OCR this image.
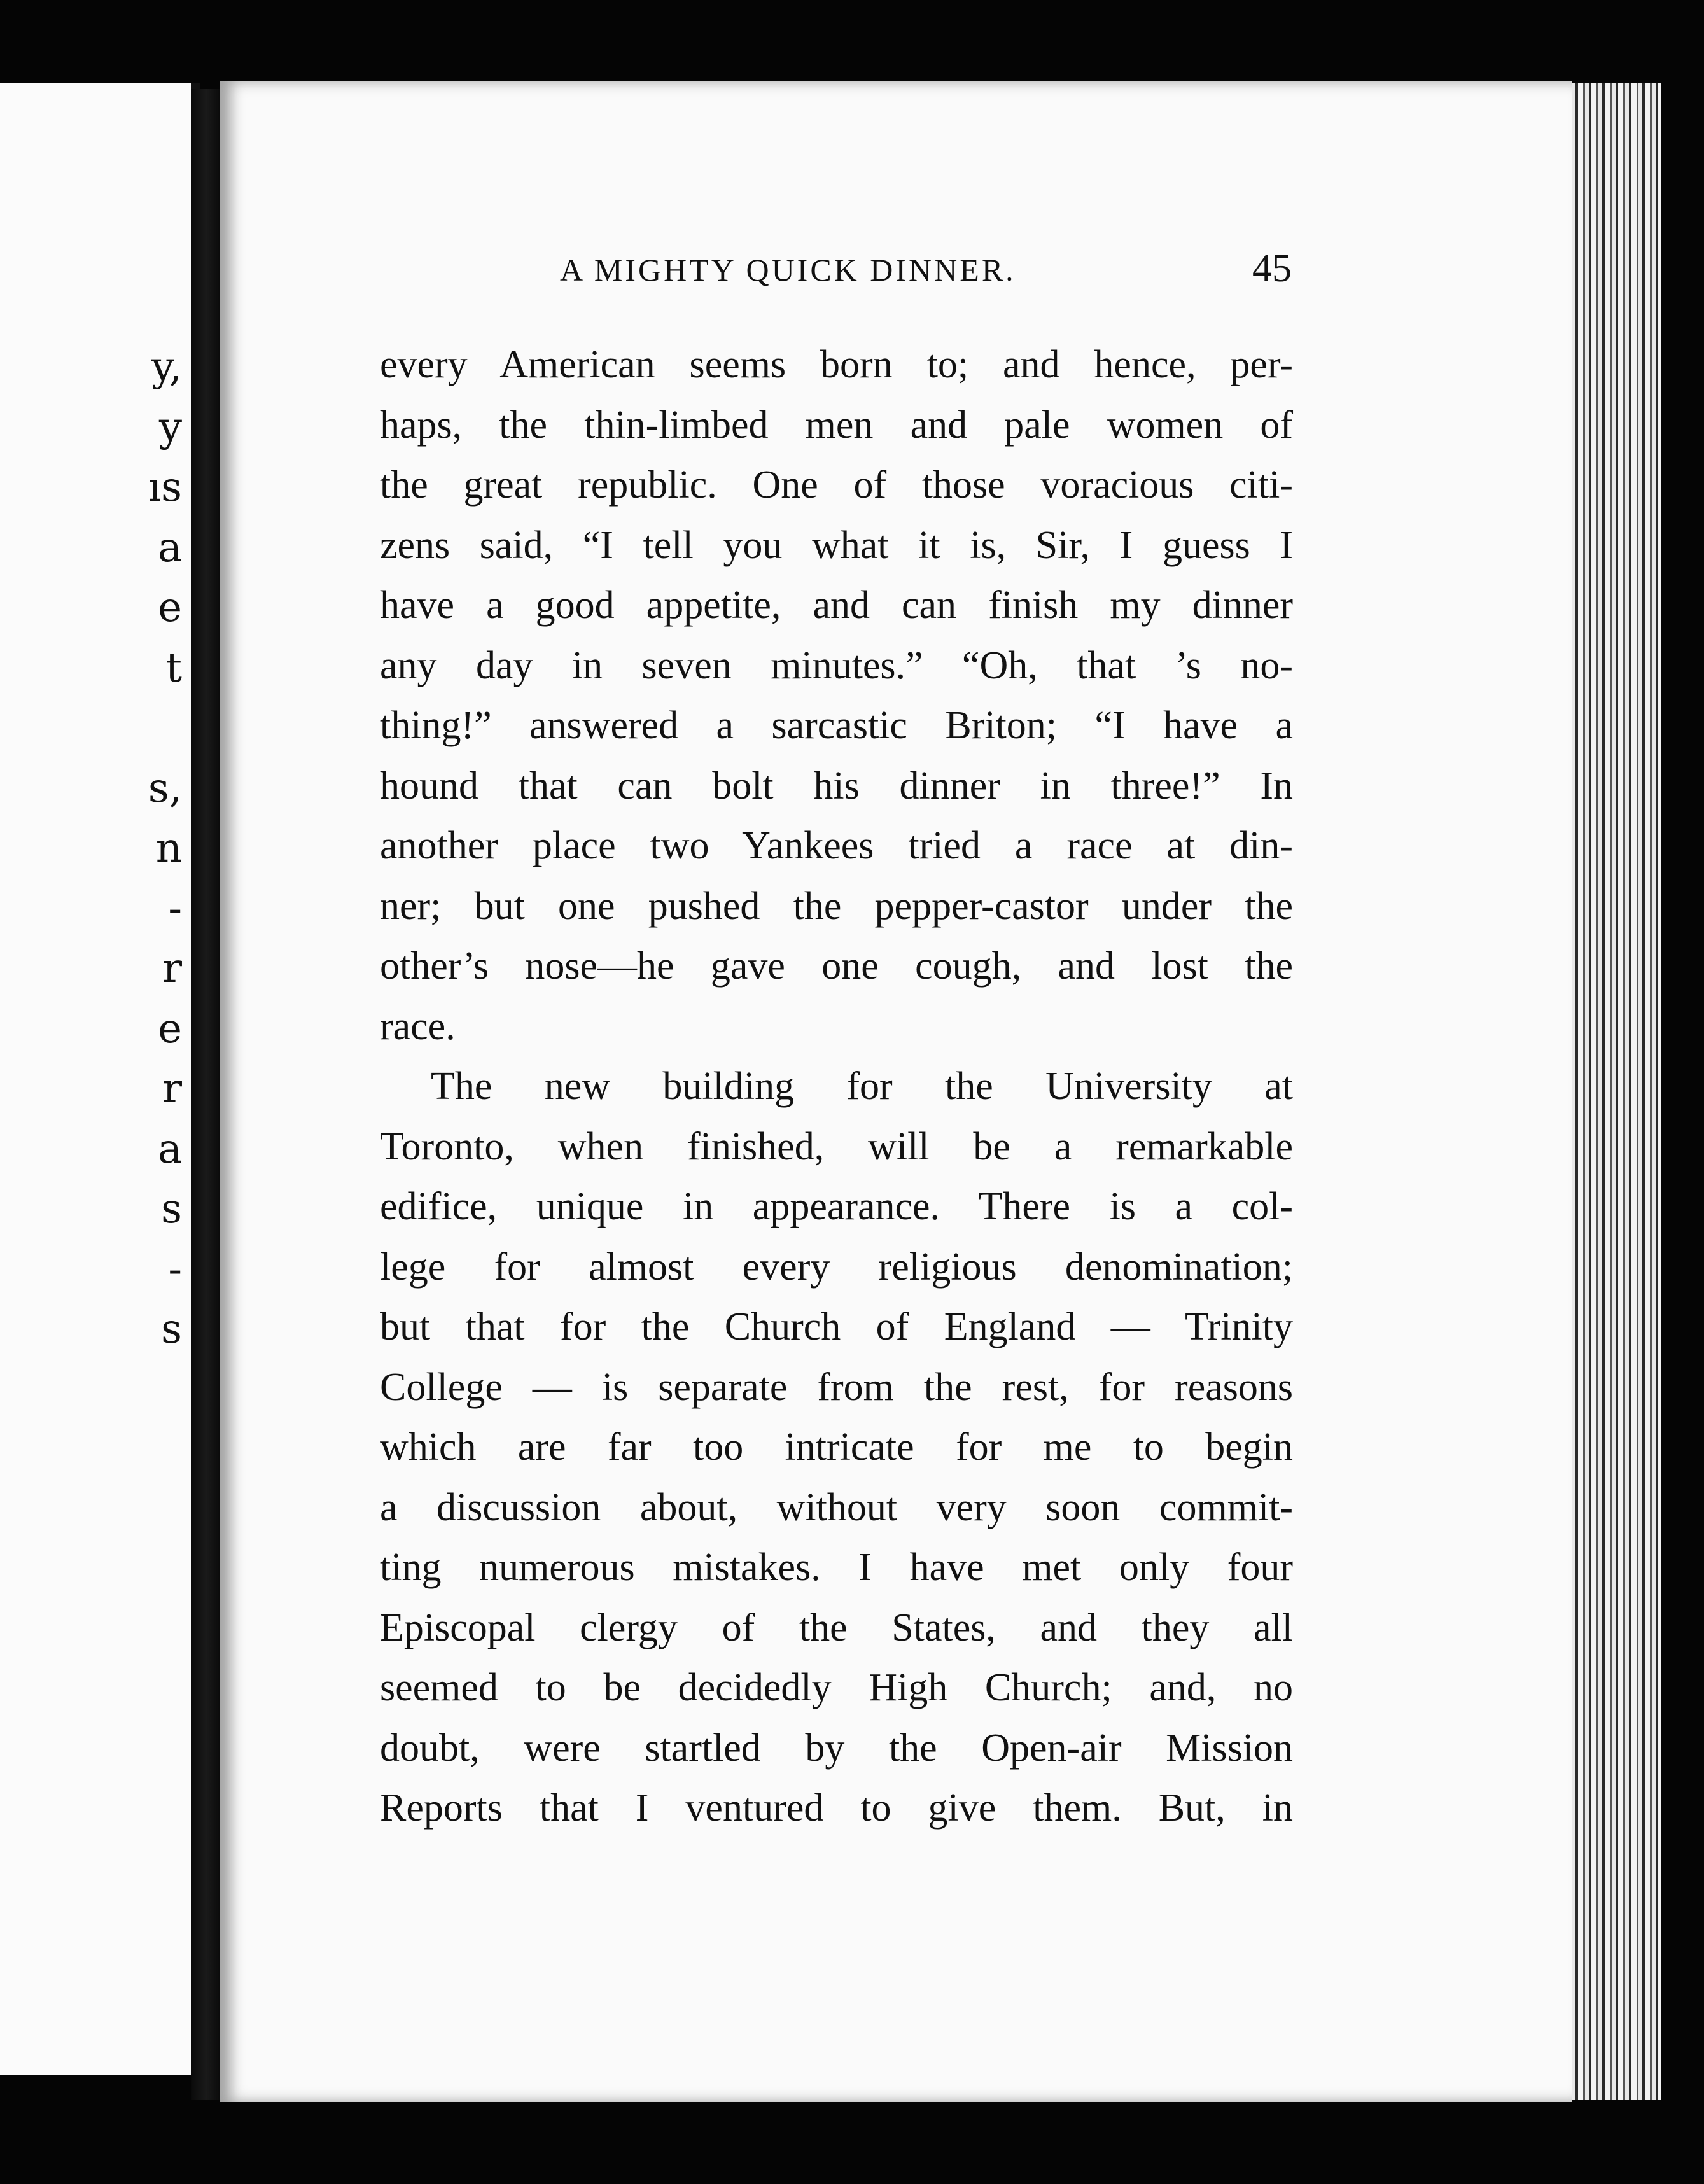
y,
y
ıs
a
e
t
s,
n
-
r
e
r
a
s
-
s
A MIGHTY QUICK DINNER.	45
every American seems born to; and hence, per-
haps, the thin-limbed men and pale women of
the great republic. One of those voracious citi-
zens said, “I tell you what it is, Sir, I guess I
have a good appetite, and can finish my dinner
any day in seven minutes.” “Oh, that ’s no-
thing!” answered a sarcastic Briton; “I have a
hound that can bolt his dinner in three!” In
another place two Yankees tried a race at din-
ner; but one pushed the pepper-castor under the
other’s nose—he gave one cough, and lost the
race.
The new building for the University at
Toronto, when finished, will be a remarkable
edifice, unique in appearance. There is a col-
lege for almost every religious denomination;
but that for the Church of England — Trinity
College — is separate from the rest, for reasons
which are far too intricate for me to begin
a discussion about, without very soon commit-
ting numerous mistakes. I have met only four
Episcopal clergy of the States, and they all
seemed to be decidedly High Church; and, no
doubt, were startled by the Open-air Mission
Reports that I ventured to give them. But, in
